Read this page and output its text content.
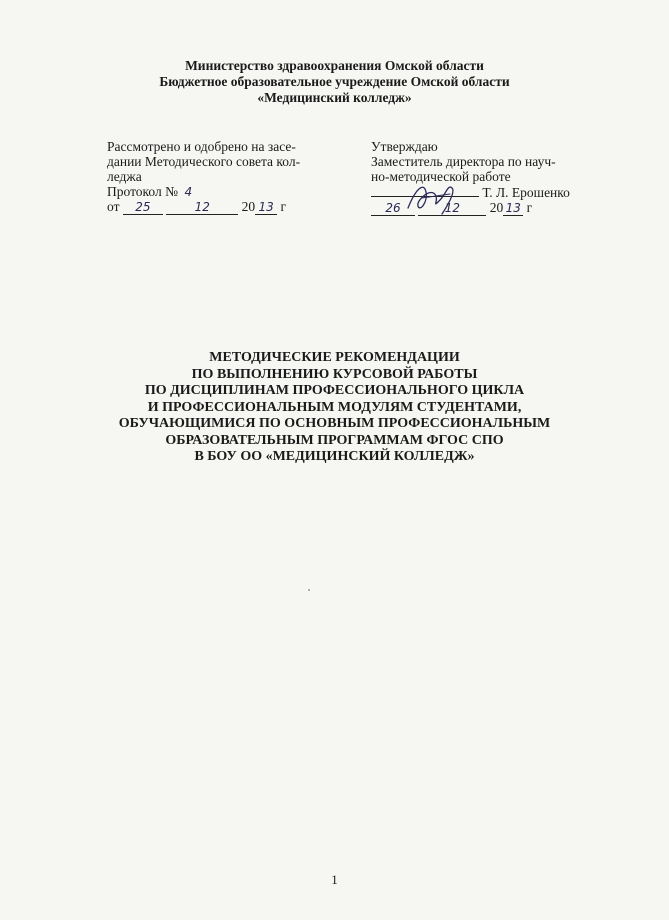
Министерство здравоохранения Омской области
Бюджетное образовательное учреждение Омской области
«Медицинский колледж»
Рассмотрено и одобрено на засе-
дании Методического совета кол-
леджа
Протокол № 4
от 25	12 20 13 г
Утверждаю
Заместитель директора по науч-
но-методической работе
Т. Л. Ерошенко
26	12 20 13 г
МЕТОДИЧЕСКИЕ РЕКОМЕНДАЦИИ
ПО ВЫПОЛНЕНИЮ КУРСОВОЙ РАБОТЫ
ПО ДИСЦИПЛИНАМ ПРОФЕССИОНАЛЬНОГО ЦИКЛА
И ПРОФЕССИОНАЛЬНЫМ МОДУЛЯМ СТУДЕНТАМИ,
ОБУЧАЮЩИМИСЯ ПО ОСНОВНЫМ ПРОФЕССИОНАЛЬНЫМ
ОБРАЗОВАТЕЛЬНЫМ ПРОГРАММАМ ФГОС СПО
В БОУ ОО «МЕДИЦИНСКИЙ КОЛЛЕДЖ»
1
